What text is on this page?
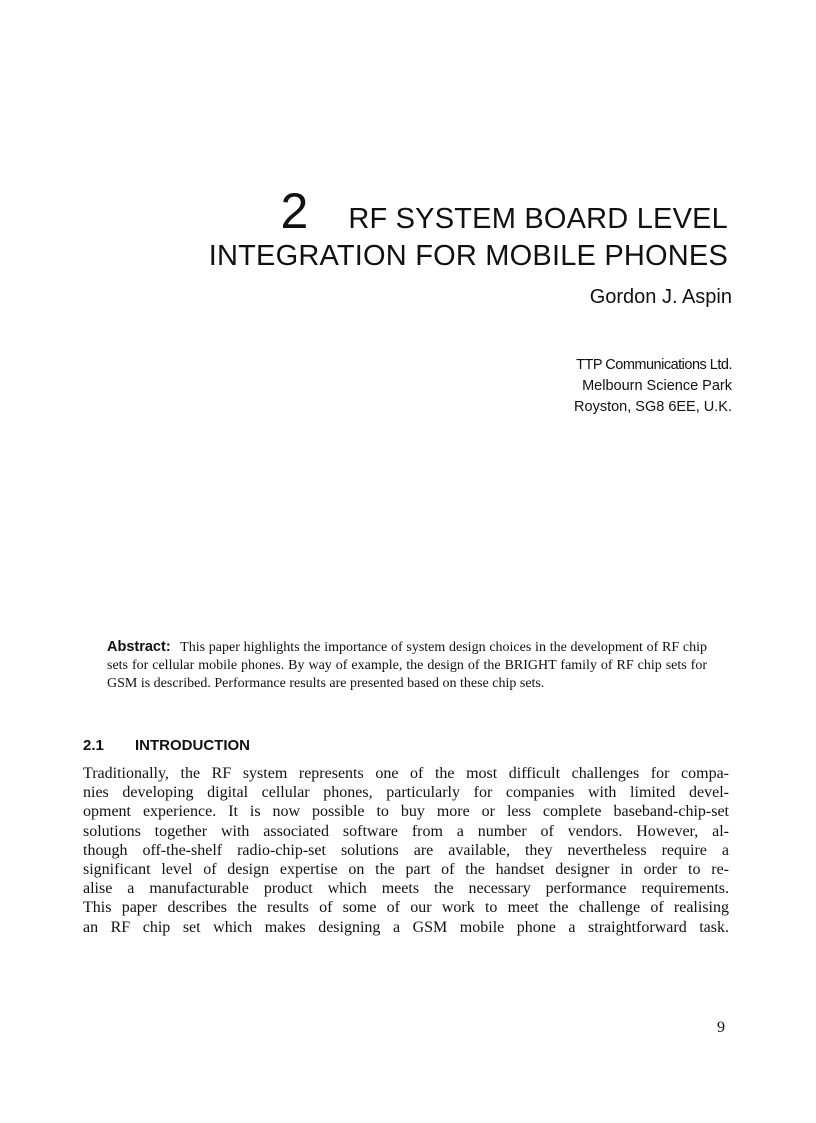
2 RF SYSTEM BOARD LEVEL
INTEGRATION FOR MOBILE PHONES
Gordon J. Aspin
TTP Communications Ltd.
Melbourn Science Park
Royston, SG8 6EE, U.K.
Abstract: This paper highlights the importance of system design choices in the development of RF chip sets for cellular mobile phones. By way of example, the design of the BRIGHT family of RF chip sets for GSM is described. Performance results are presented based on these chip sets.
2.1 INTRODUCTION
Traditionally, the RF system represents one of the most difficult challenges for compa-
nies developing digital cellular phones, particularly for companies with limited devel-
opment experience. It is now possible to buy more or less complete baseband-chip-set
solutions together with associated software from a number of vendors. However, al-
though off-the-shelf radio-chip-set solutions are available, they nevertheless require a
significant level of design expertise on the part of the handset designer in order to re-
alise a manufacturable product which meets the necessary performance requirements.
This paper describes the results of some of our work to meet the challenge of realising
an RF chip set which makes designing a GSM mobile phone a straightforward task.
9
